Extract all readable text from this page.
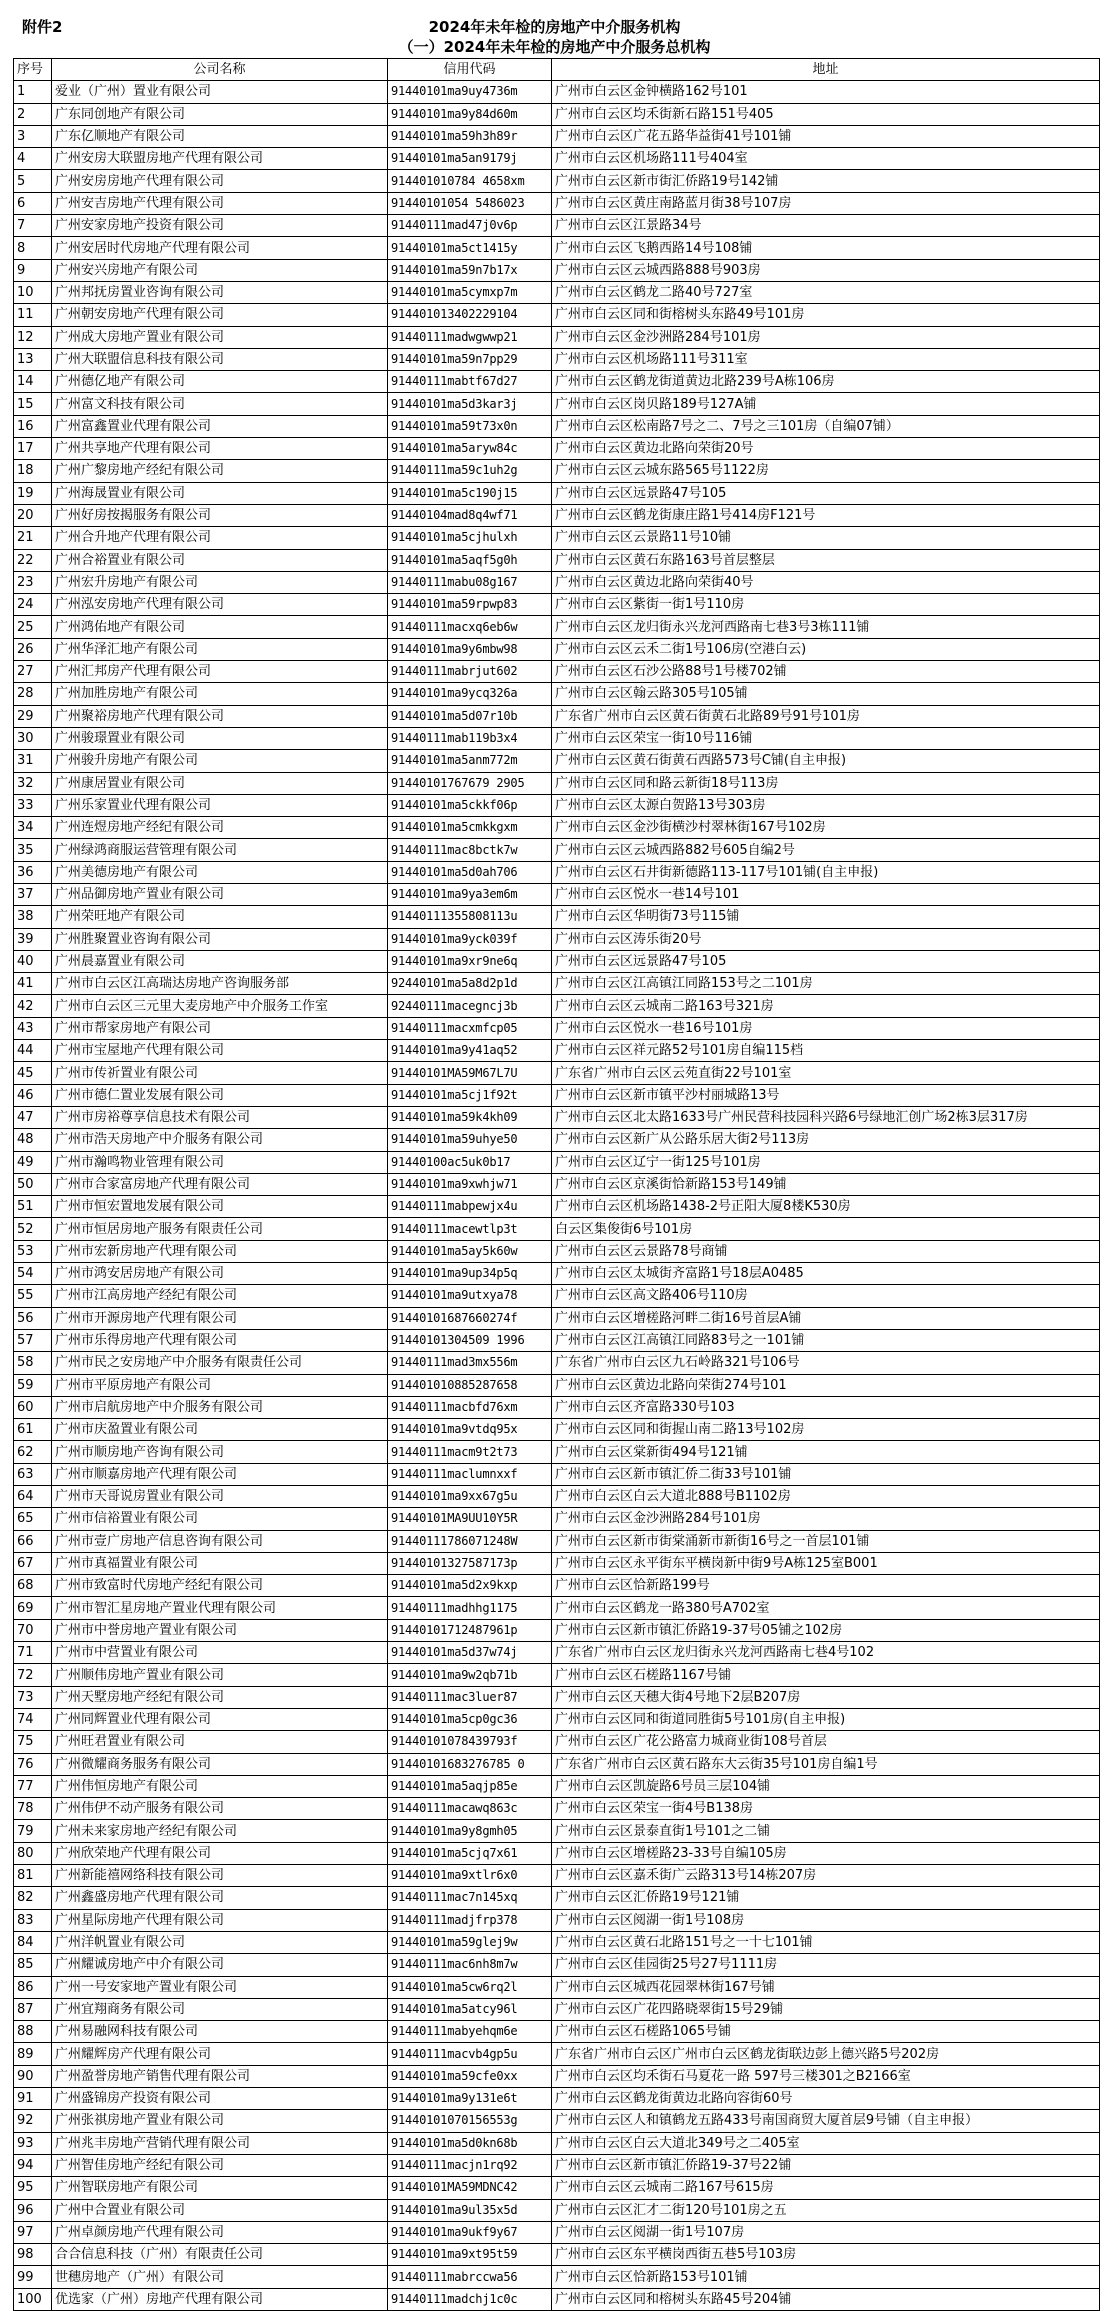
附件2	2024年未年检的房地产中介服务机构
（一）2024年未年检的房地产中介服务总机构
序号	公司名称	信用代码	地址
1	爱业（广州）置业有限公司	91440101ma9uy4736m	广州市白云区金钟横路162号101
2	广东同创地产有限公司	91440101ma9y84d60m	广州市白云区均禾街新石路151号405
3	广东亿顺地产有限公司	91440101ma59h3h89r	广州市白云区广花五路华益街41号101铺
4	广州安房大联盟房地产代理有限公司	91440101ma5an9179j	广州市白云区机场路111号404室
5	广州安房房地产代理有限公司	914401010784 4658xm	广州市白云区新市街汇侨路19号142铺
6	广州安吉房地产代理有限公司	91440101054 5486023	广州市白云区黄庄南路蓝月街38号107房
7	广州安家房地产投资有限公司	91440111mad47j0v6p	广州市白云区江景路34号
8	广州安居时代房地产代理有限公司	91440101ma5ct1415y	广州市白云区飞鹅西路14号108铺
9	广州安兴房地产有限公司	91440101ma59n7b17x	广州市白云区云城西路888号903房
10	广州邦抚房置业咨询有限公司	91440101ma5cymxp7m	广州市白云区鹤龙二路40号727室
11	广州朝安房地产代理有限公司	914401013402229104	广州市白云区同和街榕树头东路49号101房
12	广州成大房地产置业有限公司	91440111madwgwwp21	广州市白云区金沙洲路284号101房
13	广州大联盟信息科技有限公司	91440101ma59n7pp29	广州市白云区机场路111号311室
14	广州德亿地产有限公司	91440111mabtf67d27	广州市白云区鹤龙街道黄边北路239号A栋106房
15	广州富文科技有限公司	91440101ma5d3kar3j	广州市白云区岗贝路189号127A铺
16	广州富鑫置业代理有限公司	91440101ma59t73x0n	广州市白云区松南路7号之二、7号之三101房（自编07铺）
17	广州共享地产代理有限公司	91440101ma5aryw84c	广州市白云区黄边北路向荣街20号
18	广州广黎房地产经纪有限公司	91440111ma59c1uh2g	广州市白云区云城东路565号1122房
19	广州海晟置业有限公司	91440101ma5c190j15	广州市白云区远景路47号105
20	广州好房按揭服务有限公司	91440104mad8q4wf71	广州市白云区鹤龙街康庄路1号414房F121号
21	广州合升地产代理有限公司	91440101ma5cjhulxh	广州市白云区云景路11号10铺
22	广州合裕置业有限公司	91440101ma5aqf5g0h	广州市白云区黄石东路163号首层整层
23	广州宏升房地产有限公司	91440111mabu08g167	广州市白云区黄边北路向荣街40号
24	广州泓安房地产代理有限公司	91440101ma59rpwp83	广州市白云区紫街一街1号110房
25	广州鸿佑地产有限公司	91440111macxq6eb6w	广州市白云区龙归街永兴龙河西路南七巷3号3栋111铺
26	广州华泽汇地产有限公司	91440101ma9y6mbw98	广州市白云区云禾二街1号106房(空港白云)
27	广州汇邦房产代理有限公司	91440111mabrjut602	广州市白云区石沙公路88号1号楼702铺
28	广州加胜房地产有限公司	91440101ma9ycq326a	广州市白云区翰云路305号105铺
29	广州聚裕房地产代理有限公司	91440101ma5d07r10b	广东省广州市白云区黄石街黄石北路89号91号101房
30	广州骏璟置业有限公司	91440111mab119b3x4	广州市白云区荣宝一街10号116铺
31	广州骏升房地产有限公司	91440101ma5anm772m	广州市白云区黄石街黄石西路573号C铺(自主申报)
32	广州康居置业有限公司	91440101767679 2905	广州市白云区同和路云新街18号113房
33	广州乐家置业代理有限公司	91440101ma5ckkf06p	广州市白云区太源白贺路13号303房
34	广州连煜房地产经纪有限公司	91440101ma5cmkkgxm	广州市白云区金沙街横沙村翠林街167号102房
35	广州绿鸿商服运营管理有限公司	91440111mac8bctk7w	广州市白云区云城西路882号605自编2号
36	广州美德房地产有限公司	91440101ma5d0ah706	广州市白云区石井街新德路113-117号101铺(自主申报)
37	广州品御房地产置业有限公司	91440101ma9ya3em6m	广州市白云区悦水一巷14号101
38	广州荣旺地产有限公司	91440111355808113u	广州市白云区华明街73号115铺
39	广州胜聚置业咨询有限公司	91440101ma9yck039f	广州市白云区涛乐街20号
40	广州晨嘉置业有限公司	91440101ma9xr9ne6q	广州市白云区远景路47号105
41	广州市白云区江高瑞达房地产咨询服务部	92440101ma5a8d2p1d	广州市白云区江高镇江同路153号之二101房
42	广州市白云区三元里大麦房地产中介服务工作室	92440111macegncj3b	广州市白云区云城南二路163号321房
43	广州市帮家房地产有限公司	91440111macxmfcp05	广州市白云区悦水一巷16号101房
44	广州市宝屋地产代理有限公司	91440101ma9y41aq52	广州市白云区祥元路52号101房自编115档
45	广州市传祈置业有限公司	91440101MA59M67L7U	广东省广州市白云区云苑直街22号101室
46	广州市德仁置业发展有限公司	91440101ma5cj1f92t	广州市白云区新市镇平沙村丽城路13号
47	广州市房裕尊享信息技术有限公司	91440101ma59k4kh09	广州市白云区北太路1633号广州民营科技园科兴路6号绿地汇创广场2栋3层317房
48	广州市浩天房地产中介服务有限公司	91440101ma59uhye50	广州市白云区新广从公路乐居大街2号113房
49	广州市瀚鸣物业管理有限公司	91440100ac5uk0b17	广州市白云区辽宁一街125号101房
50	广州市合家富房地产代理有限公司	91440101ma9xwhjw71	广州市白云区京溪街恰新路153号149铺
51	广州市恒宏置地发展有限公司	91440111mabpewjx4u	广州市白云区机场路1438-2号正阳大厦8楼K530房
52	广州市恒居房地产服务有限责任公司	91440111macewtlp3t	白云区集俊街6号101房
53	广州市宏新房地产代理有限公司	91440101ma5ay5k60w	广州市白云区云景路78号商铺
54	广州市鸿安居房地产有限公司	91440101ma9up34p5q	广州市白云区太城街齐富路1号18层A0485
55	广州市江高房地产经纪有限公司	91440101ma9utxya78	广州市白云区高文路406号110房
56	广州市开源房地产代理有限公司	91440101687660274f	广州市白云区增槎路河畔二街16号首层A铺
57	广州市乐得房地产代理有限公司	91440101304509 1996	广州市白云区江高镇江同路83号之一101铺
58	广州市民之安房地产中介服务有限责任公司	91440111mad3mx556m	广东省广州市白云区九石岭路321号106号
59	广州市平原房地产有限公司	914401010885287658	广州市白云区黄边北路向荣街274号101
60	广州市启航房地产中介服务有限公司	91440111macbfd76xm	广州市白云区齐富路330号103
61	广州市庆盈置业有限公司	91440101ma9vtdq95x	广州市白云区同和街握山南二路13号102房
62	广州市顺房地产咨询有限公司	91440111macm9t2t73	广州市白云区棠新街494号121铺
63	广州市顺嘉房地产代理有限公司	91440111maclumnxxf	广州市白云区新市镇汇侨二街33号101铺
64	广州市天哥说房置业有限公司	91440101ma9xx67g5u	广州市白云区白云大道北888号B1102房
65	广州市信裕置业有限公司	91440101MA9UU10Y5R	广州市白云区金沙洲路284号101房
66	广州市壹广房地产信息咨询有限公司	91440111786071248W	广州市白云区新市街棠涌新市新街16号之一首层101铺
67	广州市真福置业有限公司	91440101327587173p	广州市白云区永平街东平横岗新中街9号A栋125室B001
68	广州市致富时代房地产经纪有限公司	91440101ma5d2x9kxp	广州市白云区恰新路199号
69	广州市智汇星房地产置业代理有限公司	91440111madhhg1175	广州市白云区鹤龙一路380号A702室
70	广州市中誉房地产置业有限公司	91440101712487961p	广州市白云区新市镇汇侨路19-37号05铺之102房
71	广州市中营置业有限公司	91440101ma5d37w74j	广东省广州市白云区龙归街永兴龙河西路南七巷4号102
72	广州顺伟房地产置业有限公司	91440101ma9w2qb71b	广州市白云区石槎路1167号铺
73	广州天墅房地产经纪有限公司	91440111mac3luer87	广州市白云区天穗大街4号地下2层B207房
74	广州同辉置业代理有限公司	91440101ma5cp0gc36	广州市白云区同和街道同胜街5号101房(自主申报)
75	广州旺君置业有限公司	91440101078439793f	广州市白云区广花公路富力城商业街108号首层
76	广州微耀商务服务有限公司	91440101683276785 0	广东省广州市白云区黄石路东大云街35号101房自编1号
77	广州伟恒房地产有限公司	91440101ma5aqjp85e	广州市白云区凯旋路6号员三层104铺
78	广州伟伊不动产服务有限公司	91440111macawq863c	广州市白云区荣宝一街4号B138房
79	广州未来家房地产经纪有限公司	91440101ma9y8gmh05	广州市白云区景泰直街1号101之二铺
80	广州欣荣地产代理有限公司	91440101ma5cjq7x61	广州市白云区增槎路23-33号自编105房
81	广州新能禧网络科技有限公司	91440101ma9xtlr6x0	广州市白云区嘉禾街广云路313号14栋207房
82	广州鑫盛房地产代理有限公司	91440111mac7n145xq	广州市白云区汇侨路19号121铺
83	广州星际房地产代理有限公司	91440111madjfrp378	广州市白云区阅湖一街1号108房
84	广州洋帆置业有限公司	91440101ma59glej9w	广州市白云区黄石北路151号之一十七101铺
85	广州耀诚房地产中介有限公司	91440111mac6nh8m7w	广州市白云区佳园街25号27号1111房
86	广州一号安家地产置业有限公司	91440101ma5cw6rq2l	广州市白云区城西花园翠林街167号铺
87	广州宜翔商务有限公司	91440101ma5atcy96l	广州市白云区广花四路晓翠街15号29铺
88	广州易融网科技有限公司	91440111mabyehqm6e	广州市白云区石槎路1065号铺
89	广州耀辉房产代理有限公司	91440111macvb4gp5u	广东省广州市白云区广州市白云区鹤龙街联边彭上德兴路5号202房
90	广州盈誉房地产销售代理有限公司	91440101ma59cfe0xx	广州市白云区均禾街石马夏花一路 597号三楼301之B2166室
91	广州盛锦房产投资有限公司	91440101ma9y131e6t	广州市白云区鹤龙街黄边北路向容街60号
92	广州张祺房地产置业有限公司	91440101070156553g	广州市白云区人和镇鹤龙五路433号南国商贸大厦首层9号铺（自主申报）
93	广州兆丰房地产营销代理有限公司	91440101ma5d0kn68b	广州市白云区白云大道北349号之二405室
94	广州智佳房地产经纪有限公司	91440111macjn1rq92	广州市白云区新市镇汇侨路19-37号22铺
95	广州智联房地产有限公司	91440101MA59MDNC42	广州市白云区云城南二路167号615房
96	广州中合置业有限公司	91440101ma9ul35x5d	广州市白云区汇才二街120号101房之五
97	广州卓颜房地产代理有限公司	91440101ma9ukf9y67	广州市白云区阅湖一街1号107房
98	合合信息科技（广州）有限责任公司	91440101ma9xt95t59	广州市白云区东平横岗西街五巷5号103房
99	世穗房地产（广州）有限公司	91440111mabrccwa56	广州市白云区恰新路153号101铺
100	优选家（广州）房地产代理有限公司	91440111madchj1c0c	广州市白云区同和榕树头东路45号204铺
